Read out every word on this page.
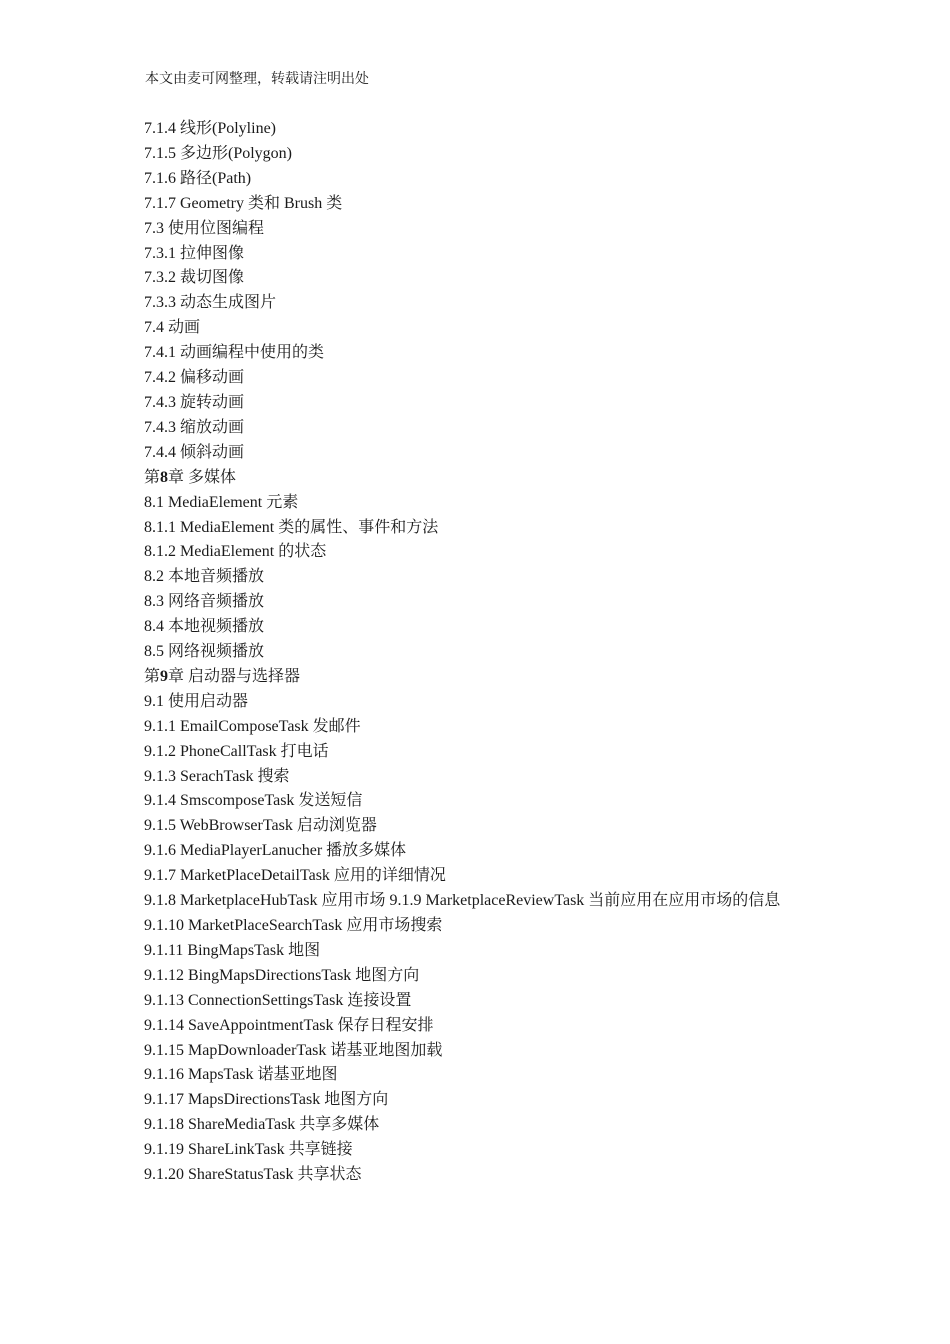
本文由麦可网整理，转载请注明出处
7.1.4 线形(Polyline)
7.1.5 多边形(Polygon)
7.1.6 路径(Path)
7.1.7 Geometry 类和 Brush 类
7.3 使用位图编程
7.3.1 拉伸图像
7.3.2 裁切图像
7.3.3 动态生成图片
7.4 动画
7.4.1 动画编程中使用的类
7.4.2 偏移动画
7.4.3 旋转动画
7.4.3 缩放动画
7.4.4 倾斜动画
第8章 多媒体
8.1 MediaElement 元素
8.1.1 MediaElement 类的属性、事件和方法
8.1.2 MediaElement 的状态
8.2 本地音频播放
8.3 网络音频播放
8.4 本地视频播放
8.5 网络视频播放
第9章 启动器与选择器
9.1 使用启动器
9.1.1 EmailComposeTask 发邮件
9.1.2 PhoneCallTask 打电话
9.1.3 SerachTask 搜索
9.1.4 SmscomposeTask 发送短信
9.1.5 WebBrowserTask 启动浏览器
9.1.6 MediaPlayerLanucher 播放多媒体
9.1.7 MarketPlaceDetailTask 应用的详细情况
9.1.8 MarketplaceHubTask 应用市场 9.1.9 MarketplaceReviewTask 当前应用在应用市场的信息
9.1.10 MarketPlaceSearchTask 应用市场搜索
9.1.11 BingMapsTask 地图
9.1.12 BingMapsDirectionsTask 地图方向
9.1.13 ConnectionSettingsTask 连接设置
9.1.14 SaveAppointmentTask 保存日程安排
9.1.15 MapDownloaderTask 诺基亚地图加载
9.1.16 MapsTask 诺基亚地图
9.1.17 MapsDirectionsTask 地图方向
9.1.18 ShareMediaTask 共享多媒体
9.1.19 ShareLinkTask 共享链接
9.1.20 ShareStatusTask 共享状态
